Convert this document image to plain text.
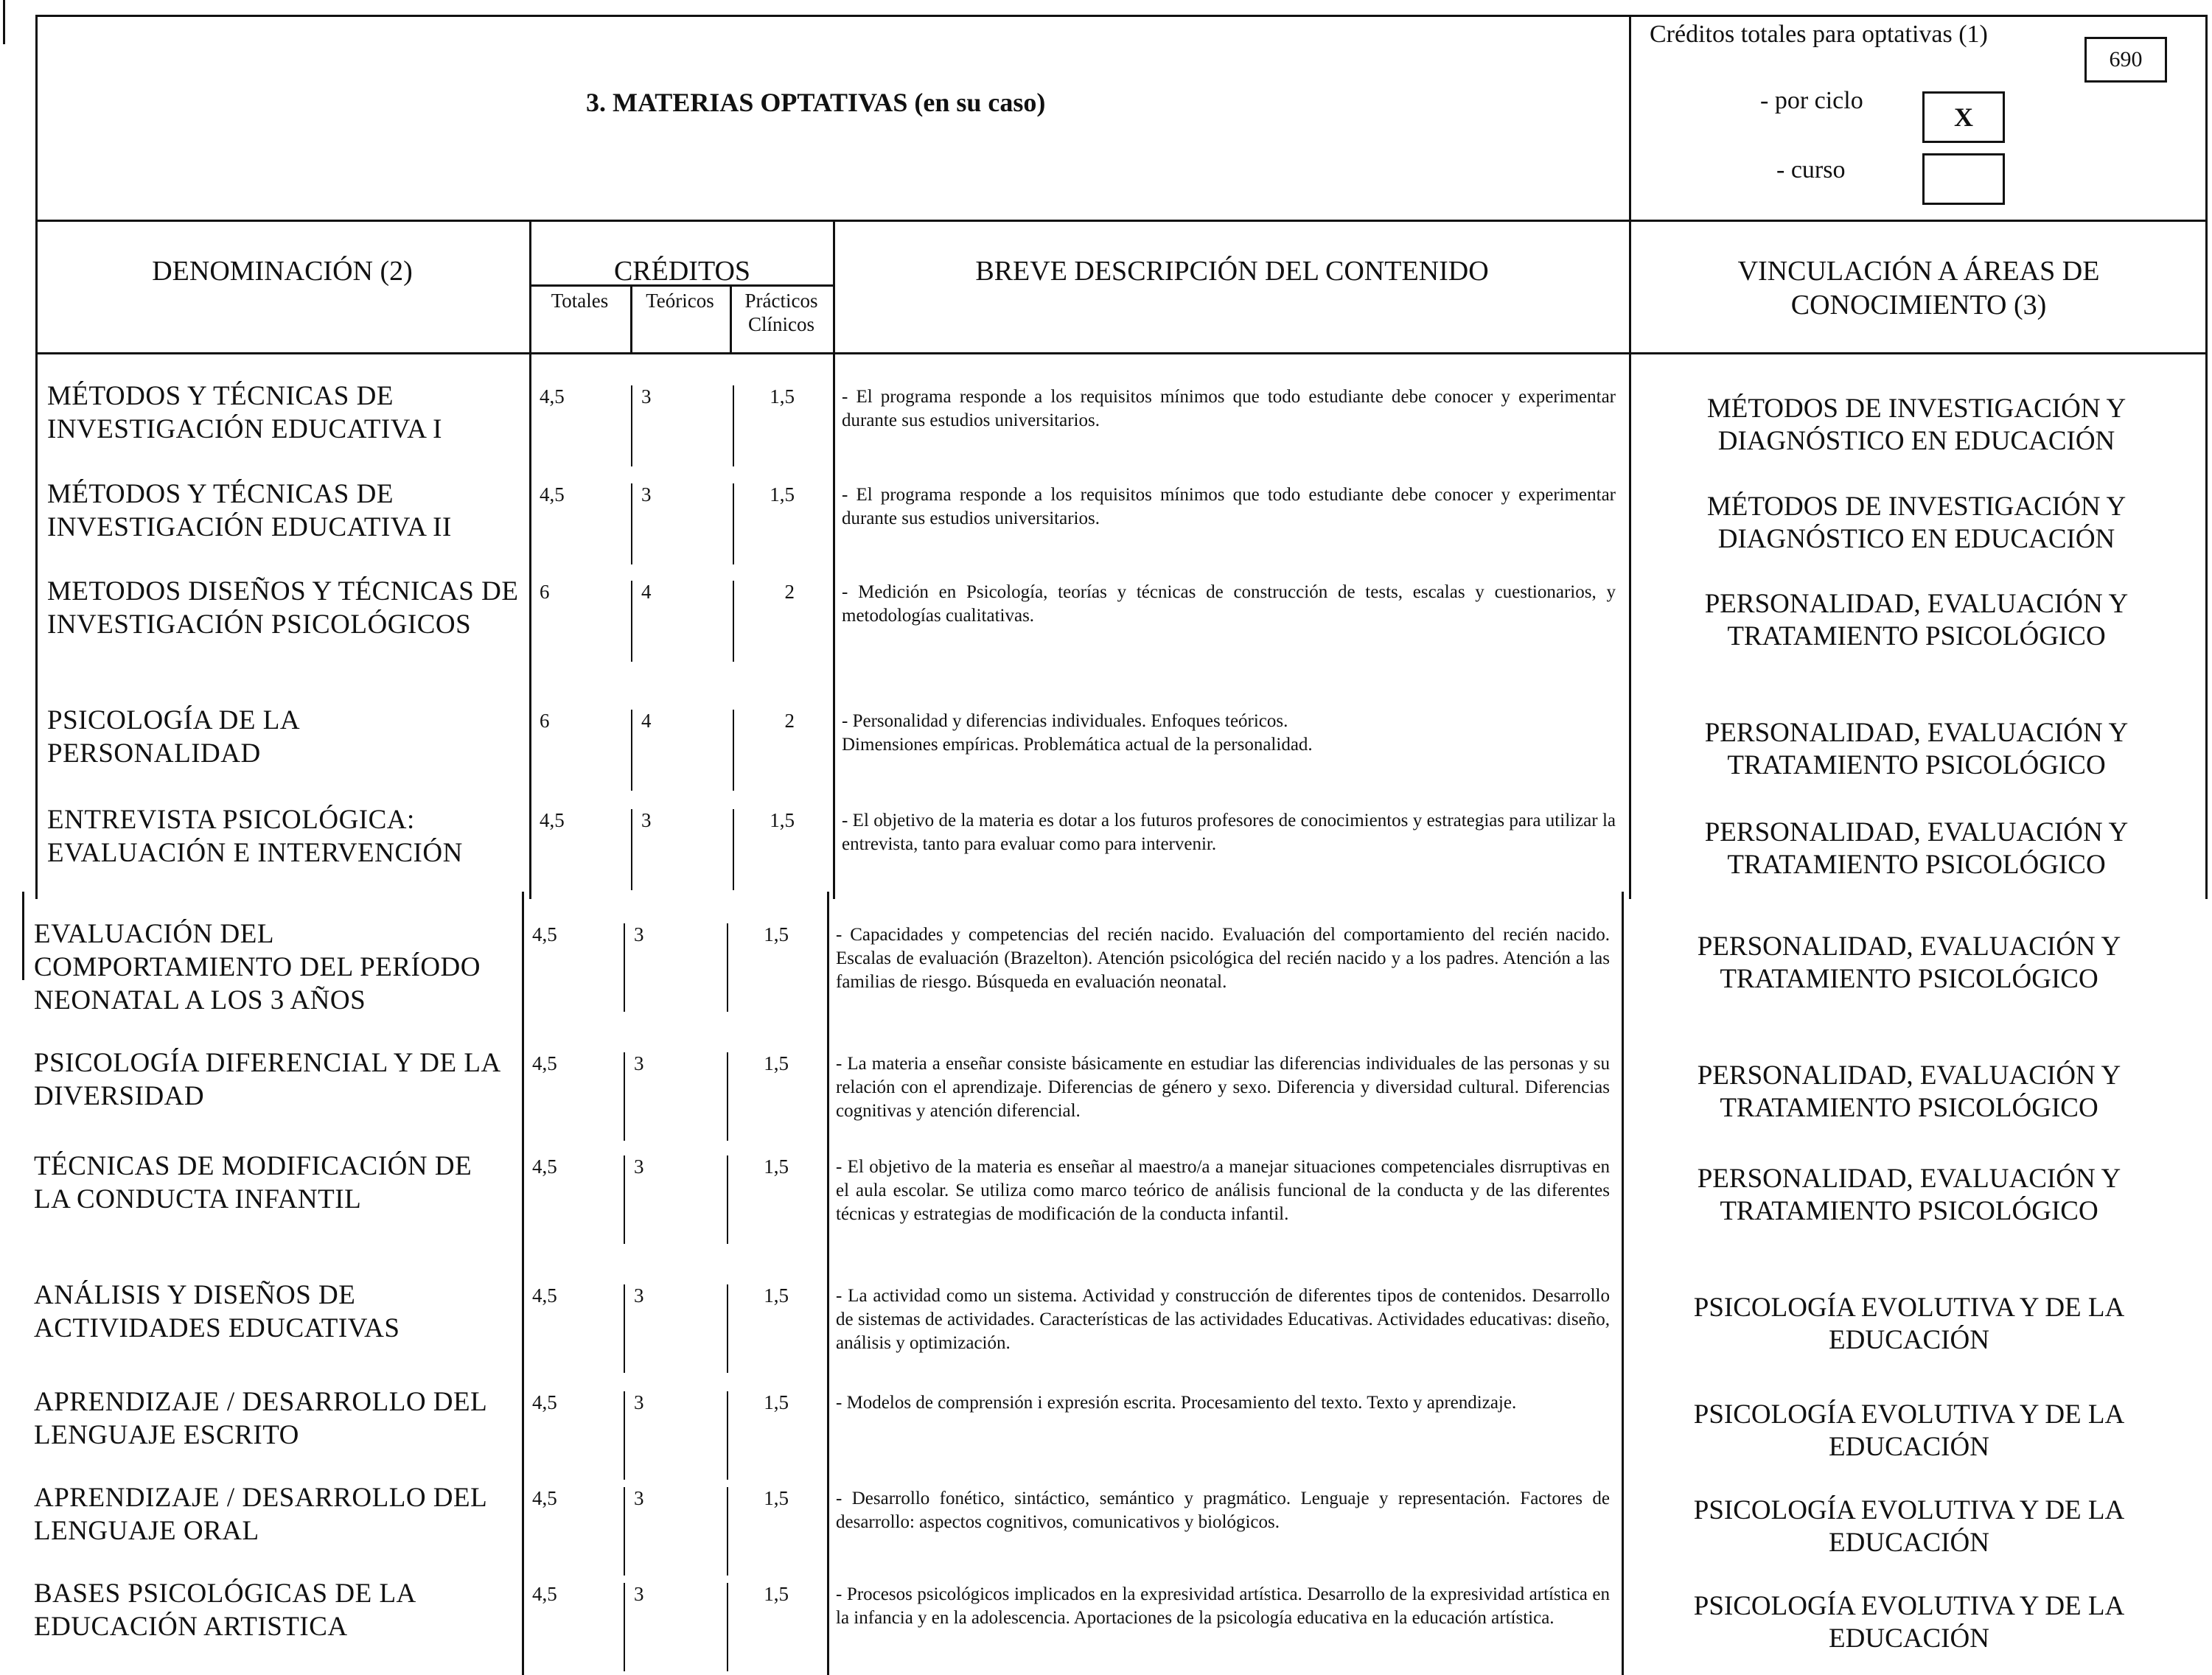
3. MATERIAS OPTATIVAS (en su caso)
Créditos totales para optativas (1)
690
- por ciclo
X
- curso
DENOMINACIÓN (2)	CRÉDITOS
Totales	Teóricos	Prácticos
Clínicos
BREVE DESCRIPCIÓN DEL CONTENIDO	VINCULACIÓN A ÁREAS DE
CONOCIMIENTO (3)
MÉTODOS Y TÉCNICAS DE INVESTIGACIÓN EDUCATIVA I
4,5	3	1,5	- El programa responde a los requisitos mínimos que todo estudiante debe conocer y experimentar durante sus estudios universitarios.	MÉTODOS DE INVESTIGACIÓN Y DIAGNÓSTICO EN EDUCACIÓN
MÉTODOS Y TÉCNICAS DE INVESTIGACIÓN EDUCATIVA II
4,5	3	1,5	- El programa responde a los requisitos mínimos que todo estudiante debe conocer y experimentar durante sus estudios universitarios.	MÉTODOS DE INVESTIGACIÓN Y DIAGNÓSTICO EN EDUCACIÓN
METODOS DISEÑOS Y TÉCNICAS DE INVESTIGACIÓN PSICOLÓGICOS
6	4	2	- Medición en Psicología, teorías y técnicas de construcción de tests, escalas y cuestionarios, y metodologías cualitativas.	PERSONALIDAD, EVALUACIÓN Y TRATAMIENTO PSICOLÓGICO
PSICOLOGÍA DE LA PERSONALIDAD
6	4	2	- Personalidad y diferencias individuales. Enfoques teóricos.
Dimensiones empíricas. Problemática actual de la personalidad.	PERSONALIDAD, EVALUACIÓN Y TRATAMIENTO PSICOLÓGICO
ENTREVISTA PSICOLÓGICA: EVALUACIÓN E INTERVENCIÓN
4,5	3	1,5	- El objetivo de la materia es dotar a los futuros profesores de conocimientos y estrategias para utilizar la entrevista, tanto para evaluar como para intervenir.	PERSONALIDAD, EVALUACIÓN Y TRATAMIENTO PSICOLÓGICO
EVALUACIÓN DEL COMPORTAMIENTO DEL PERÍODO NEONATAL A LOS 3 AÑOS
4,5	3	1,5	- Capacidades y competencias del recién nacido. Evaluación del comportamiento del recién nacido. Escalas de evaluación (Brazelton). Atención psicológica del recién nacido y a los padres. Atención a las familias de riesgo. Búsqueda en evaluación neonatal.
PERSONALIDAD, EVALUACIÓN Y TRATAMIENTO PSICOLÓGICO
PSICOLOGÍA DIFERENCIAL Y DE LA DIVERSIDAD
4,5	3	1,5	- La materia a enseñar consiste básicamente en estudiar las diferencias individuales de las personas y su relación con el aprendizaje. Diferencias de género y sexo. Diferencia y diversidad cultural. Diferencias cognitivas y atención diferencial.
PERSONALIDAD, EVALUACIÓN Y TRATAMIENTO PSICOLÓGICO
TÉCNICAS DE MODIFICACIÓN DE LA CONDUCTA INFANTIL
4,5	3	1,5	- El objetivo de la materia es enseñar al maestro/a a manejar situaciones competenciales disrruptivas en el aula escolar. Se utiliza como marco teórico de análisis funcional de la conducta y de las diferentes técnicas y estrategias de modificación de la conducta infantil.
PERSONALIDAD, EVALUACIÓN Y TRATAMIENTO PSICOLÓGICO
ANÁLISIS Y DISEÑOS DE ACTIVIDADES EDUCATIVAS
4,5	3	1,5	- La actividad como un sistema. Actividad y construcción de diferentes tipos de contenidos. Desarrollo de sistemas de actividades. Características de las actividades Educativas. Actividades educativas: diseño, análisis y optimización.
PSICOLOGÍA EVOLUTIVA Y DE LA EDUCACIÓN
APRENDIZAJE / DESARROLLO DEL LENGUAJE ESCRITO
4,5	3	1,5	- Modelos de comprensión i expresión escrita. Procesamiento del texto. Texto y aprendizaje.	PSICOLOGÍA EVOLUTIVA Y DE LA EDUCACIÓN
APRENDIZAJE / DESARROLLO DEL LENGUAJE ORAL
4,5	3	1,5	- Desarrollo fonético, sintáctico, semántico y pragmático. Lenguaje y representación. Factores de desarrollo: aspectos cognitivos, comunicativos y biológicos.	PSICOLOGÍA EVOLUTIVA Y DE LA EDUCACIÓN
BASES PSICOLÓGICAS DE LA EDUCACIÓN ARTISTICA
4,5	3	1,5	- Procesos psicológicos implicados en la expresividad artística. Desarrollo de la expresividad artística en la infancia y en la adolescencia. Aportaciones de la psicología educativa en la educación artística.	PSICOLOGÍA EVOLUTIVA Y DE LA EDUCACIÓN
